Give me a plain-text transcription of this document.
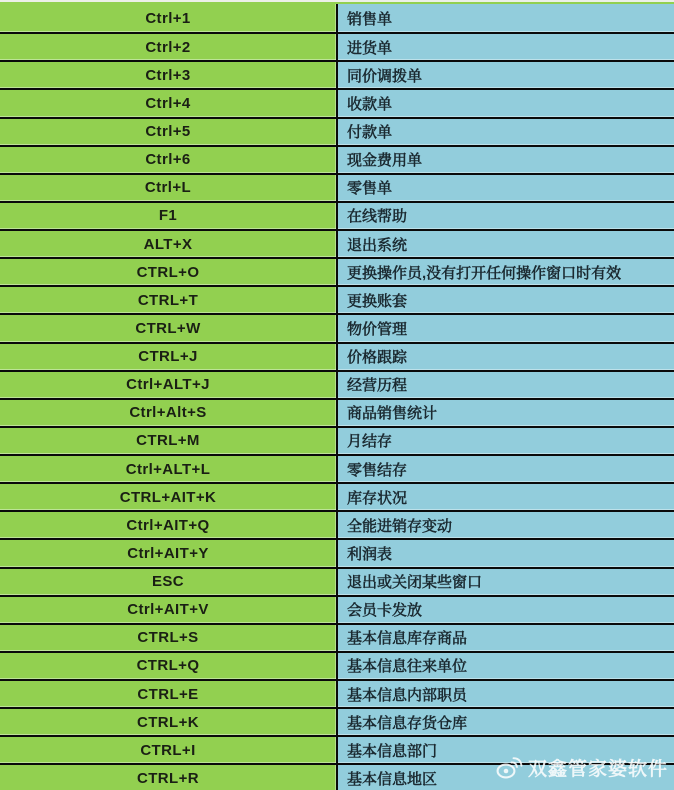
Ctrl+1	销售单
Ctrl+2	进货单
Ctrl+3	同价调拨单
Ctrl+4	收款单
Ctrl+5	付款单
Ctrl+6	现金费用单
Ctrl+L	零售单
F1	在线帮助
ALT+X	退出系统
CTRL+O	更换操作员,没有打开任何操作窗口时有效
CTRL+T	更换账套
CTRL+W	物价管理
CTRL+J	价格跟踪
Ctrl+ALT+J	经营历程
Ctrl+Alt+S	商品销售统计
CTRL+M	月结存
Ctrl+ALT+L	零售结存
CTRL+AIT+K	库存状况
Ctrl+AIT+Q	全能进销存变动
Ctrl+AIT+Y	利润表
ESC	退出或关闭某些窗口
Ctrl+AIT+V	会员卡发放
CTRL+S	基本信息库存商品
CTRL+Q	基本信息往来单位
CTRL+E	基本信息内部职员
CTRL+K	基本信息存货仓库
CTRL+I	基本信息部门
CTRL+R	基本信息地区	双鑫管家婆软件
